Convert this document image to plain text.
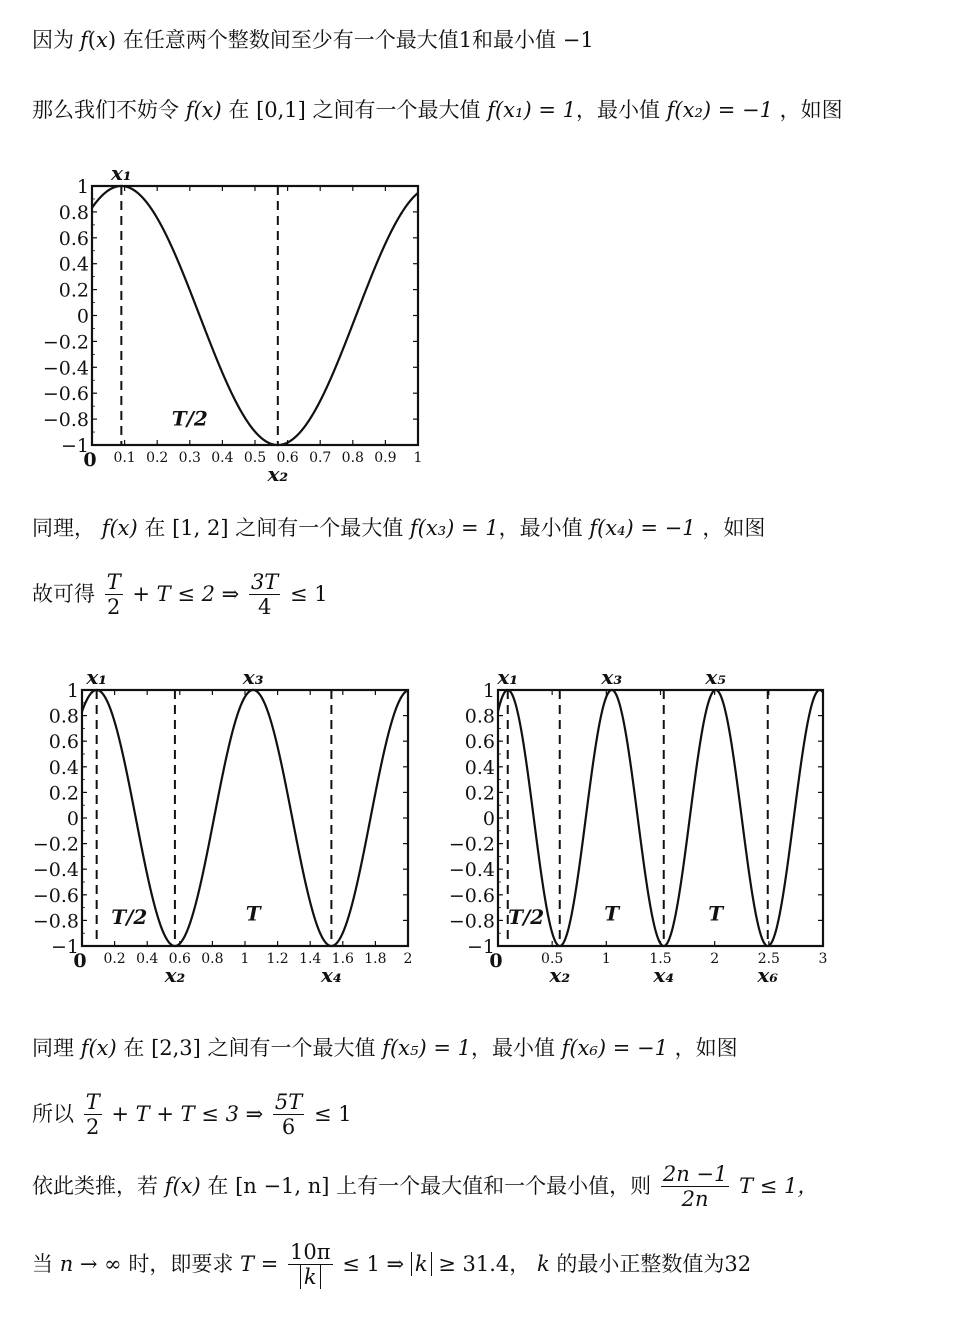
因为 f(x) 在任意两个整数间至少有一个最大值1和最小值 −1
那么我们不妨令 f(x) 在 [0,1] 之间有一个最大值 f(x₁) = 1，最小值 f(x₂) = −1 ，如图
1
0.8
0.6
0.4
0.2
0
−0.2
−0.4
−0.6
−0.8
−1
0 0.1 0.2 0.3 0.4 0.5 0.6 0.7 0.8 0.9 1
x₁
x₂
T/2
同理， f(x) 在 [1, 2] 之间有一个最大值 f(x₃) = 1，最小值 f(x₄) = −1 ，如图
故可得 $\frac{T}{2} + T \le 2$ ⇒ $\frac{3T}{4} \le 1$
1
0.8
0.6
0.4
0.2
0
−0.2
−0.4
−0.6
−0.8
−1
0 0.2 0.4 0.6 0.8 1 1.2 1.4 1.6 1.8 2
x₁	x₃
x₂	x₄
T/2	T
1
0.8
0.6
0.4
0.2
0
−0.2
−0.4
−0.6
−0.8
−1
0	0.5	1	1.5	2	2.5	3
x₁	x₃	x₅
x₂	x₄	x₆
T/2	T	T
同理 f(x) 在 [2,3] 之间有一个最大值 f(x₅) = 1，最小值 f(x₆) = −1 ，如图
所以 $\frac{T}{2} + T + T \le 3$ ⇒ $\frac{5T}{6} \le 1$
依此类推，若 f(x) 在 [n −1, n] 上有一个最大值和一个最小值，则 $\frac{2n -1}{2n}$ T ≤ 1，
当 n → ∞ 时，即要求 $T = \frac{10\pi}{k} \le 1$ ⇒ k ≥ 31.4， k 的最小正整数值为32
